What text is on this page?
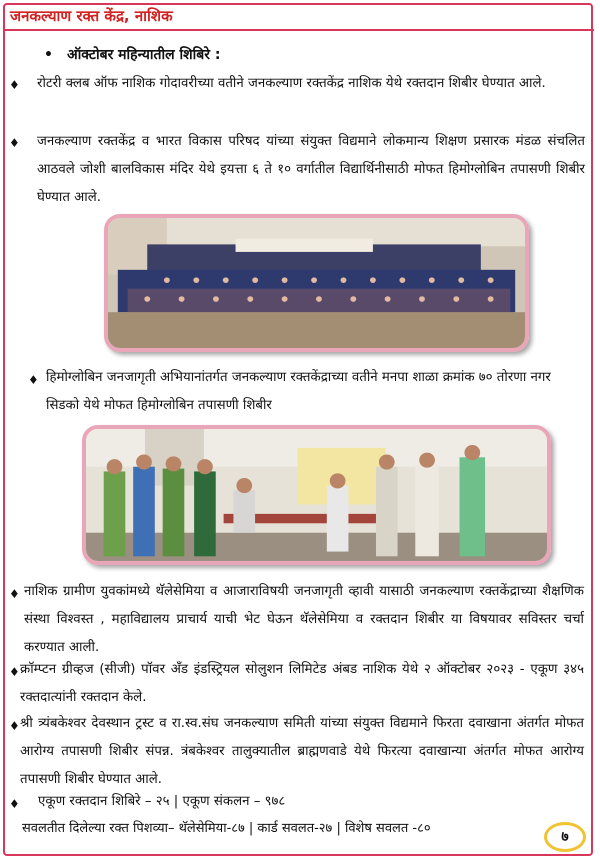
जनकल्याण रक्त केंद्र, नाशिक
• ऑक्टोबर महिन्यातील शिबिरे :
♦ रोटरी क्लब ऑफ नाशिक गोदावरीच्या वतीने जनकल्याण रक्तकेंद्र नाशिक येथे रक्तदान शिबीर घेण्यात आले.
♦ जनकल्याण रक्तकेंद्र व भारत विकास परिषद यांच्या संयुक्त विद्यमाने लोकमान्य शिक्षण प्रसारक मंडळ संचलित आठवले जोशी बालविकास मंदिर येथे इयत्ता ६ ते १० वर्गातील विद्यार्थिनीसाठी मोफत हिमोग्लोबिन तपासणी शिबीर घेण्यात आले.
♦ हिमोग्लोबिन जनजागृती अभियानांतर्गत जनकल्याण रक्तकेंद्राच्या वतीने मनपा शाळा क्रमांक ७० तोरणा नगर सिडको येथे मोफत हिमोग्लोबिन तपासणी शिबीर
♦ नाशिक ग्रामीण युवकांमध्ये थॅलेसेमिया व आजाराविषयी जनजागृती व्हावी यासाठी जनकल्याण रक्तकेंद्राच्या शैक्षणिक संस्था विश्वस्त , महाविद्यालय प्राचार्य याची भेट घेऊन थॅलेसेमिया व रक्तदान शिबीर या विषयावर सविस्तर चर्चा करण्यात आली.
♦ क्रॉम्प्टन ग्रीव्हज (सीजी) पॉवर अँड इंडस्ट्रियल सोलुशन लिमिटेड अंबड नाशिक येथे २ ऑक्टोबर २०२३ - एकूण ३४५ रक्तदात्यांनी रक्तदान केले.
♦ श्री त्र्यंबकेश्वर देवस्थान ट्रस्ट व रा.स्व.संघ जनकल्याण समिती यांच्या संयुक्त विद्यमाने फिरता दवाखाना अंतर्गत मोफत आरोग्य तपासणी शिबीर संपन्न. त्रंबकेश्वर तालुक्यातील ब्राह्मणवाडे येथे फिरत्या दवाखान्या अंतर्गत मोफत आरोग्य तपासणी शिबीर घेण्यात आले.
♦ एकूण रक्तदान शिबिरे – २५ | एकूण संकलन – ९७८
सवलतीत दिलेल्या रक्त पिशव्या– थॅलेसेमिया-८७ | कार्ड सवलत-२७ | विशेष सवलत -८०
७
